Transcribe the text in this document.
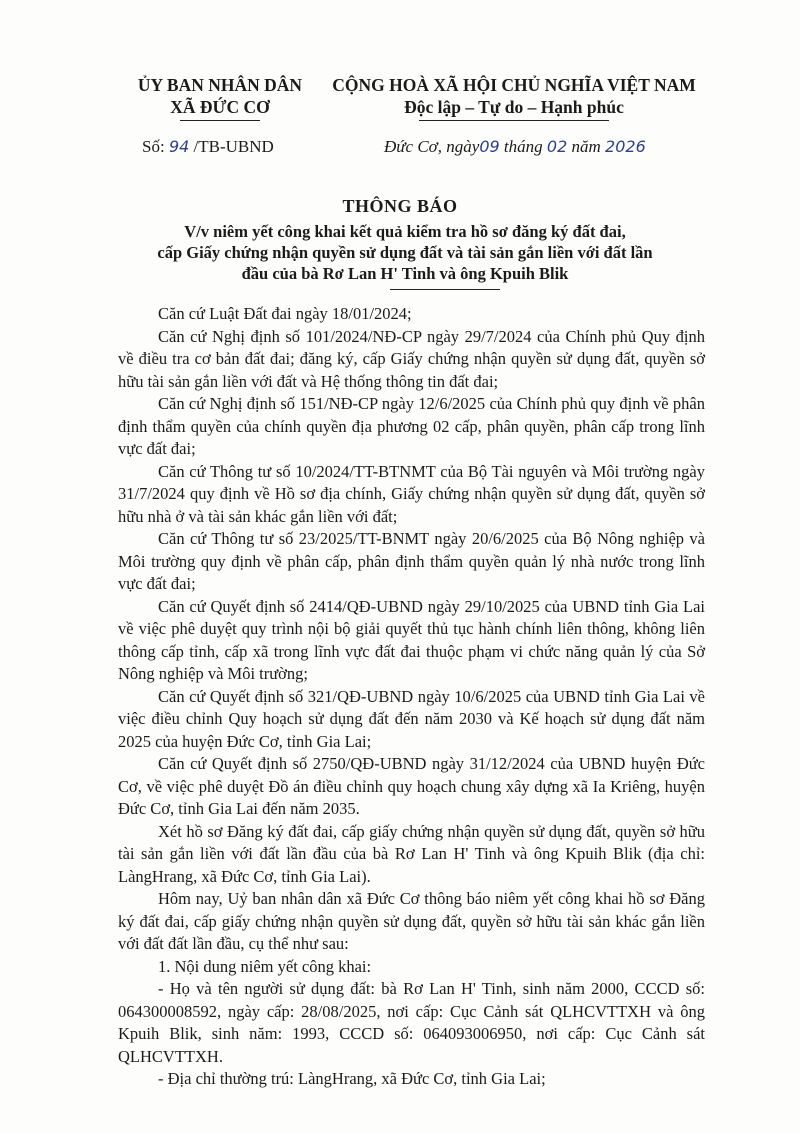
ỦY BAN NHÂN DÂN
XÃ ĐỨC CƠ
CỘNG HOÀ XÃ HỘI CHỦ NGHĨA VIỆT NAM
Độc lập – Tự do – Hạnh phúc
Số: 94 /TB-UBND	Đức Cơ, ngày09 tháng 02 năm 2026
THÔNG BÁO
V/v niêm yết công khai kết quả kiểm tra hồ sơ đăng ký đất đai,
cấp Giấy chứng nhận quyền sử dụng đất và tài sản gắn liền với đất lần
đầu của bà Rơ Lan H' Tinh và ông Kpuih Blik

Căn cứ Luật Đất đai ngày 18/01/2024;

Căn cứ Nghị định số 101/2024/NĐ-CP ngày 29/7/2024 của Chính phủ Quy định về điều tra cơ bản đất đai; đăng ký, cấp Giấy chứng nhận quyền sử dụng đất, quyền sở hữu tài sản gắn liền với đất và Hệ thống thông tin đất đai;

Căn cứ Nghị định số 151/NĐ-CP ngày 12/6/2025 của Chính phủ quy định về phân định thẩm quyền của chính quyền địa phương 02 cấp, phân quyền, phân cấp trong lĩnh vực đất đai;

Căn cứ Thông tư số 10/2024/TT-BTNMT của Bộ Tài nguyên và Môi trường ngày 31/7/2024 quy định về Hồ sơ địa chính, Giấy chứng nhận quyền sử dụng đất, quyền sở hữu nhà ở và tài sản khác gắn liền với đất;

Căn cứ Thông tư số 23/2025/TT-BNMT ngày 20/6/2025 của Bộ Nông nghiệp và Môi trường quy định về phân cấp, phân định thẩm quyền quản lý nhà nước trong lĩnh vực đất đai;

Căn cứ Quyết định số 2414/QĐ-UBND ngày 29/10/2025 của UBND tỉnh Gia Lai về việc phê duyệt quy trình nội bộ giải quyết thủ tục hành chính liên thông, không liên thông cấp tỉnh, cấp xã trong lĩnh vực đất đai thuộc phạm vi chức năng quản lý của Sở Nông nghiệp và Môi trường;

Căn cứ Quyết định số 321/QĐ-UBND ngày 10/6/2025 của UBND tỉnh Gia Lai về việc điều chỉnh Quy hoạch sử dụng đất đến năm 2030 và Kế hoạch sử dụng đất năm 2025 của huyện Đức Cơ, tỉnh Gia Lai;

Căn cứ Quyết định số 2750/QĐ-UBND ngày 31/12/2024 của UBND huyện Đức Cơ, về việc phê duyệt Đồ án điều chỉnh quy hoạch chung xây dựng xã Ia Kriêng, huyện Đức Cơ, tỉnh Gia Lai đến năm 2035.

Xét hồ sơ Đăng ký đất đai, cấp giấy chứng nhận quyền sử dụng đất, quyền sở hữu tài sản gắn liền với đất lần đầu của bà Rơ Lan H' Tinh và ông Kpuih Blik (địa chỉ: LàngHrang, xã Đức Cơ, tỉnh Gia Lai).

Hôm nay, Uỷ ban nhân dân xã Đức Cơ thông báo niêm yết công khai hồ sơ Đăng ký đất đai, cấp giấy chứng nhận quyền sử dụng đất, quyền sở hữu tài sản khác gắn liền với đất đất lần đầu, cụ thể như sau:

1. Nội dung niêm yết công khai:

- Họ và tên người sử dụng đất: bà Rơ Lan H' Tinh, sinh năm 2000, CCCD số: 064300008592, ngày cấp: 28/08/2025, nơi cấp: Cục Cảnh sát QLHCVTTXH và ông Kpuih Blik, sinh năm: 1993, CCCD số: 064093006950, nơi cấp: Cục Cảnh sát QLHCVTTXH.

- Địa chỉ thường trú: LàngHrang, xã Đức Cơ, tỉnh Gia Lai;
